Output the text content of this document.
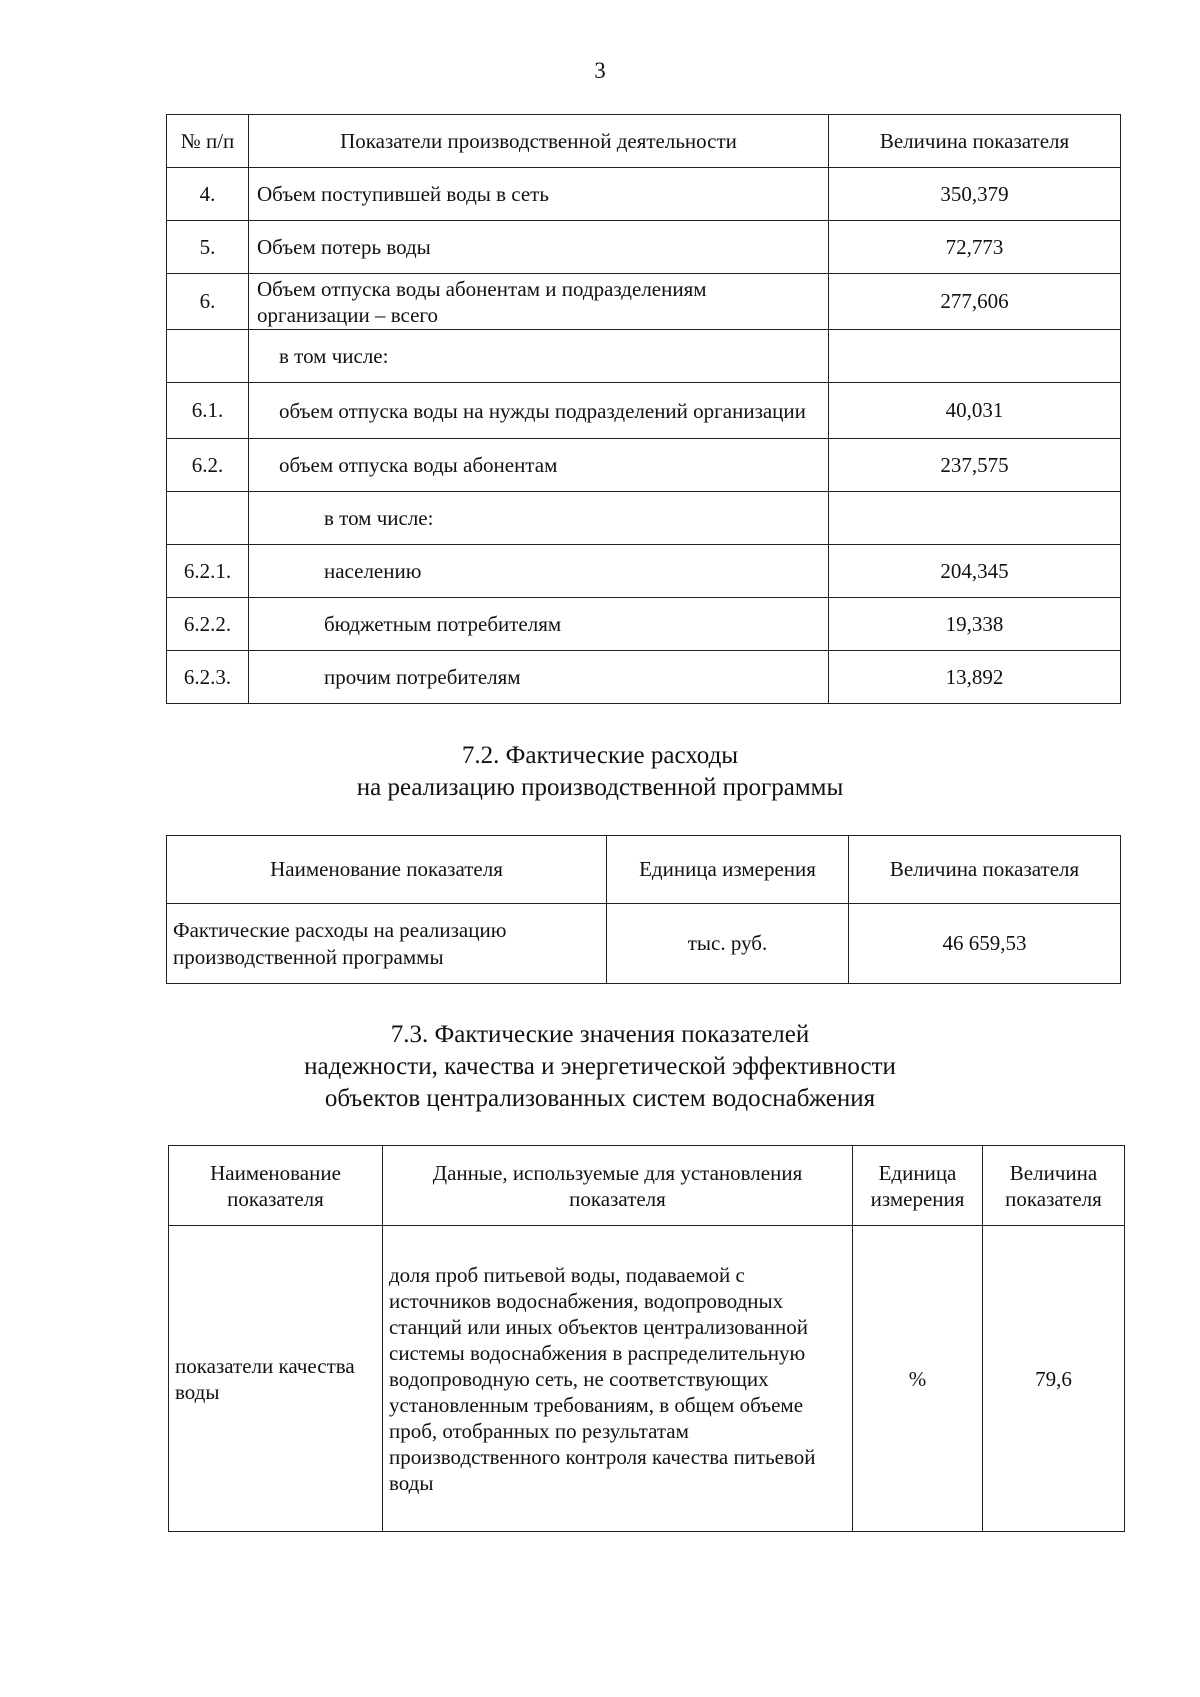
3
№ п/п	Показатели производственной деятельности	Величина показателя
4.	Объем поступившей воды в сеть	350,379
5.	Объем потерь воды	72,773
6.	Объем отпуска воды абонентам и подразделениям организации – всего	277,606
	в том числе:	
6.1.	объем отпуска воды на нужды подразделений организации	40,031
6.2.	объем отпуска воды абонентам	237,575
	в том числе:	
6.2.1.	населению	204,345
6.2.2.	бюджетным потребителям	19,338
6.2.3.	прочим потребителям	13,892
7.2. Фактические расходы
на реализацию производственной программы
Наименование показателя	Единица измерения	Величина показателя
Фактические расходы на реализацию производственной программы	тыс. руб.	46 659,53
7.3. Фактические значения показателей
надежности, качества и энергетической эффективности
объектов централизованных систем водоснабжения
Наименование показателя	Данные, используемые для установления показателя	Единица измерения	Величина показателя
показатели качества воды	доля проб питьевой воды, подаваемой с источников водоснабжения, водопроводных станций или иных объектов централизованной системы водоснабжения в распределительную водопроводную сеть, не соответствующих установленным требованиям, в общем объеме проб, отобранных по результатам производственного контроля качества питьевой воды	%	79,6
